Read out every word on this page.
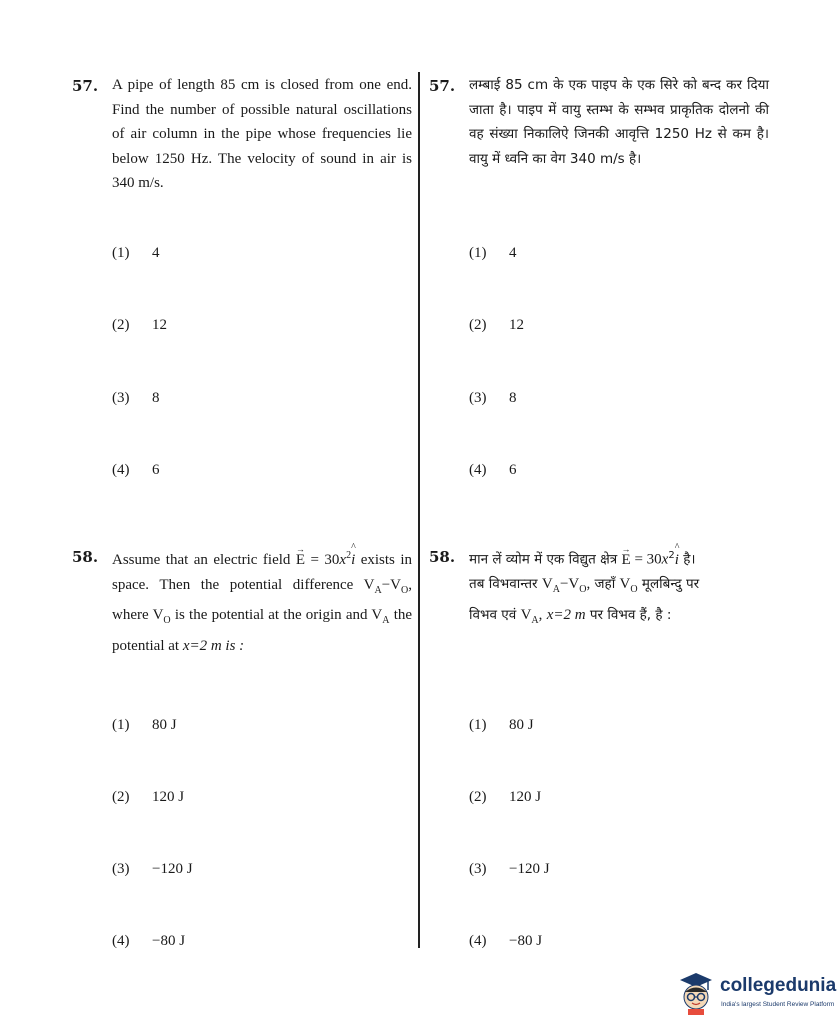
57. A pipe of length 85 cm is closed from one end. Find the number of possible natural oscillations of air column in the pipe whose frequencies lie below 1250 Hz. The velocity of sound in air is 340 m/s.
57. लम्बाई 85 cm के एक पाइप के एक सिरे को बन्द कर दिया जाता है। पाइप में वायु स्तम्भ के सम्भव प्राकृतिक दोलनो की वह संख्या निकालिऐ जिनकी आवृत्ति 1250 Hz से कम है। वायु में ध्वनि का वेग 340 m/s है।
(1) 4
(2) 12
(3) 8
(4) 6
(1) 4
(2) 12
(3) 8
(4) 6
58. Assume that an electric field → $E = 30x^2\^{}$ i exists in space. Then the potential difference $V_A-V_O$, where $V_O$ is the potential at the origin and $V_A$ the potential at x=2 m is :
58. मान लें व्योम में एक विद्युत क्षेत्र → $E = 30x^2\^{}$ i है।
तब विभवान्तर $V_A-V_O$, जहाँ $V_O$ मूलबिन्दु पर
विभव एवं $V_A$, x=2 m पर विभव हैं, है :
(1) 80 J
(2) 120 J
(3) −120 J
(4) −80 J
(1) 80 J
(2) 120 J
(3) −120 J
(4) −80 J
collegedunia
India's largest Student Review Platform
